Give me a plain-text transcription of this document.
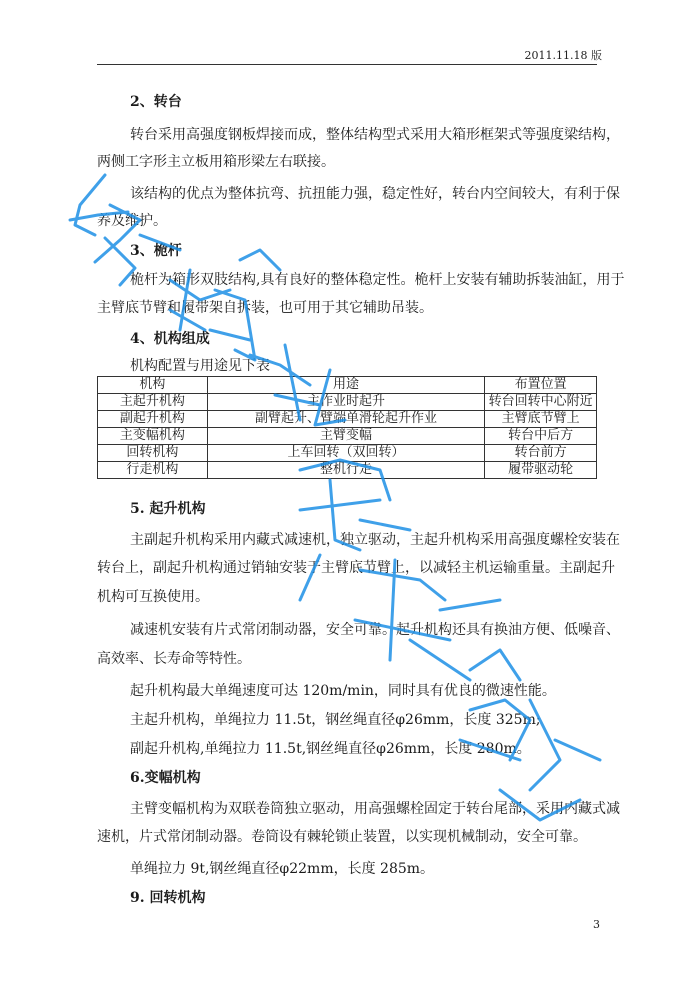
2011.11.18 版
2、转台
转台采用高强度钢板焊接而成，整体结构型式采用大箱形框架式等强度梁结构，
两侧工字形主立板用箱形梁左右联接。
该结构的优点为整体抗弯、抗扭能力强，稳定性好，转台内空间较大，有利于保
养及维护。
3、桅杆
桅杆为箱形双肢结构,具有良好的整体稳定性。桅杆上安装有辅助拆装油缸，用于
主臂底节臂和履带架自拆装，也可用于其它辅助吊装。
4、机构组成
机构配置与用途见下表
机构	用途	布置位置
主起升机构	主作业时起升	转台回转中心附近
副起升机构	副臂起升、臂端单滑轮起升作业	主臂底节臂上
主变幅机构	主臂变幅	转台中后方
回转机构	上车回转（双回转）	转台前方
行走机构	整机行走	履带驱动轮
5. 起升机构
主副起升机构采用内藏式减速机，独立驱动，主起升机构采用高强度螺栓安装在
转台上，副起升机构通过销轴安装于主臂底节臂上，以减轻主机运输重量。主副起升
机构可互换使用。
减速机安装有片式常闭制动器，安全可靠。起升机构还具有换油方便、低噪音、
高效率、长寿命等特性。
起升机构最大单绳速度可达 120m/min，同时具有优良的微速性能。
主起升机构，单绳拉力 11.5t，钢丝绳直径φ26mm，长度 325m;
副起升机构,单绳拉力 11.5t,钢丝绳直径φ26mm，长度 280m。
6.变幅机构
主臂变幅机构为双联卷筒独立驱动，用高强螺栓固定于转台尾部，采用内藏式减
速机，片式常闭制动器。卷筒设有棘轮锁止装置，以实现机械制动，安全可靠。
单绳拉力 9t,钢丝绳直径φ22mm，长度 285m。
9. 回转机构
3
